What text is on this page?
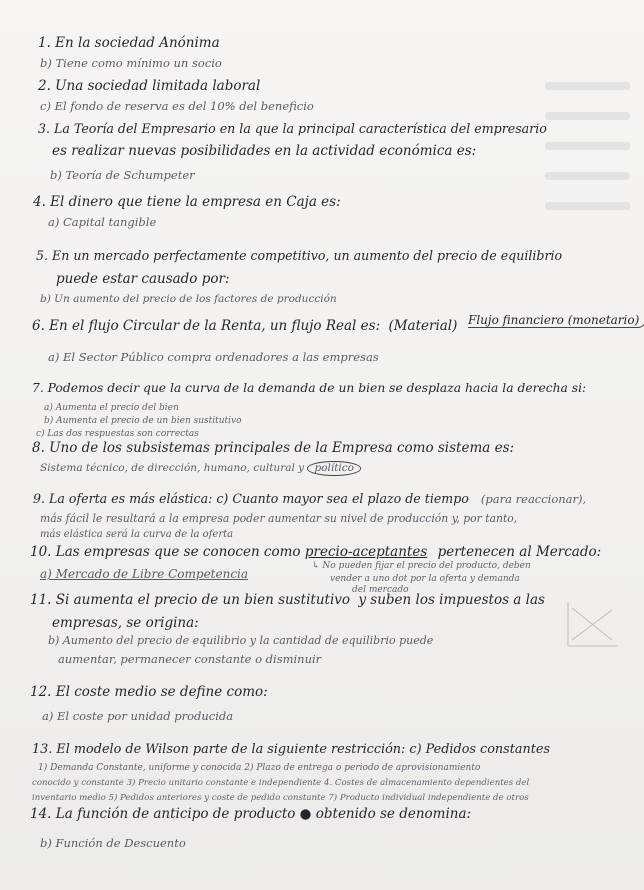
1. En la sociedad Anónima
b) Tiene como mínimo un socio
2. Una sociedad limitada laboral
c) El fondo de reserva es del 10% del beneficio
3. La Teoría del Empresario en la que la principal característica del empresario
es realizar nuevas posibilidades en la actividad económica es:
b) Teoría de Schumpeter
4. El dinero que tiene la empresa en Caja es:
a) Capital tangible
5. En un mercado perfectamente competitivo, un aumento del precio de equilibrio
puede estar causado por:
b) Un aumento del precio de los factores de producción
6. En el flujo Circular de la Renta, un flujo Real es: (Material) Flujo financiero (monetario)
a) El Sector Público compra ordenadores a las empresas
7. Podemos decir que la curva de la demanda de un bien se desplaza hacia la derecha si:
a) Aumenta el precio del bien
b) Aumenta el precio de un bien sustitutivo
c) Las dos respuestas son correctas
8. Uno de los subsistemas principales de la Empresa como sistema es:
Sistema técnico, de dirección, humano, cultural y político
9. La oferta es más elástica: c) Cuanto mayor sea el plazo de tiempo (para reaccionar),
más fácil le resultará a la empresa poder aumentar su nivel de producción y, por tanto,
más elástica será la curva de la oferta
10. Las empresas que se conocen como precio-aceptantes pertenecen al Mercado:
a) Mercado de Libre Competencia
↳ No pueden fijar el precio del producto, deben
vender a uno dot por la oferta y demanda
11. Si aumenta el precio de un bien sustitutivo y suben los impuestos a las
del mercado
empresas, se origina:
b) Aumento del precio de equilibrio y la cantidad de equilibrio puede
aumentar, permanecer constante o disminuir
12. El coste medio se define como:
a) El coste por unidad producida
13. El modelo de Wilson parte de la siguiente restricción: c) Pedidos constantes
1) Demanda Constante, uniforme y conocida 2) Plazo de entrega o periodo de aprovisionamiento
conocido y constante 3) Precio unitario constante e independiente 4. Costes de almacenamiento dependientes del
inventario medio 5) Pedidos anteriores y coste de pedido constante 7) Producto individual independiente de otros
14. La función de anticipo de producto ● obtenido se denomina:
b) Función de Descuento
